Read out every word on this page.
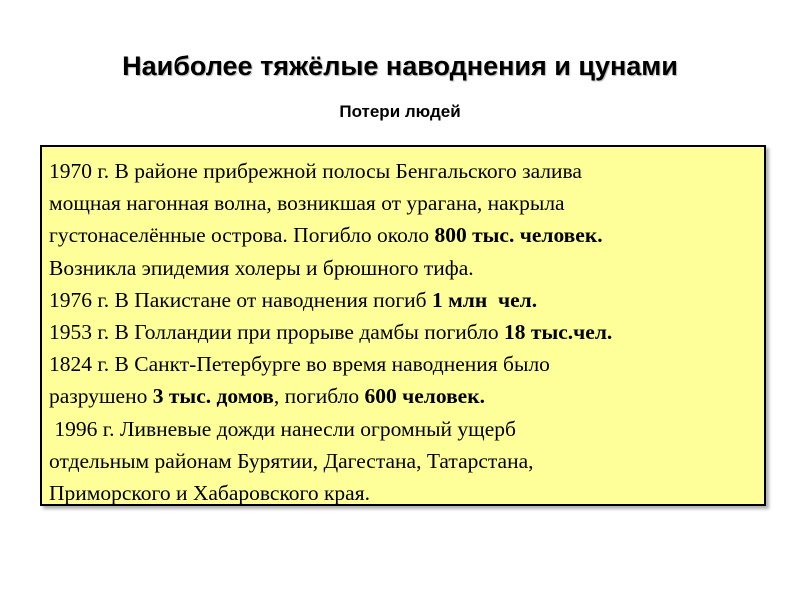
Наиболее тяжёлые наводнения и цунами
Потери людей
1970 г. В районе прибрежной полосы Бенгальского залива
мощная нагонная волна, возникшая от урагана, накрыла
густонаселённые острова. Погибло около 800 тыс. человек.
Возникла эпидемия холеры и брюшного тифа.
1976 г. В Пакистане от наводнения погиб 1 млн  чел.
1953 г. В Голландии при прорыве дамбы погибло 18 тыс.чел.
1824 г. В Санкт-Петербурге во время наводнения было
разрушено 3 тыс. домов, погибло 600 человек.
1996 г. Ливневые дожди нанесли огромный ущерб
отдельным районам Бурятии, Дагестана, Татарстана,
Приморского и Хабаровского края.
